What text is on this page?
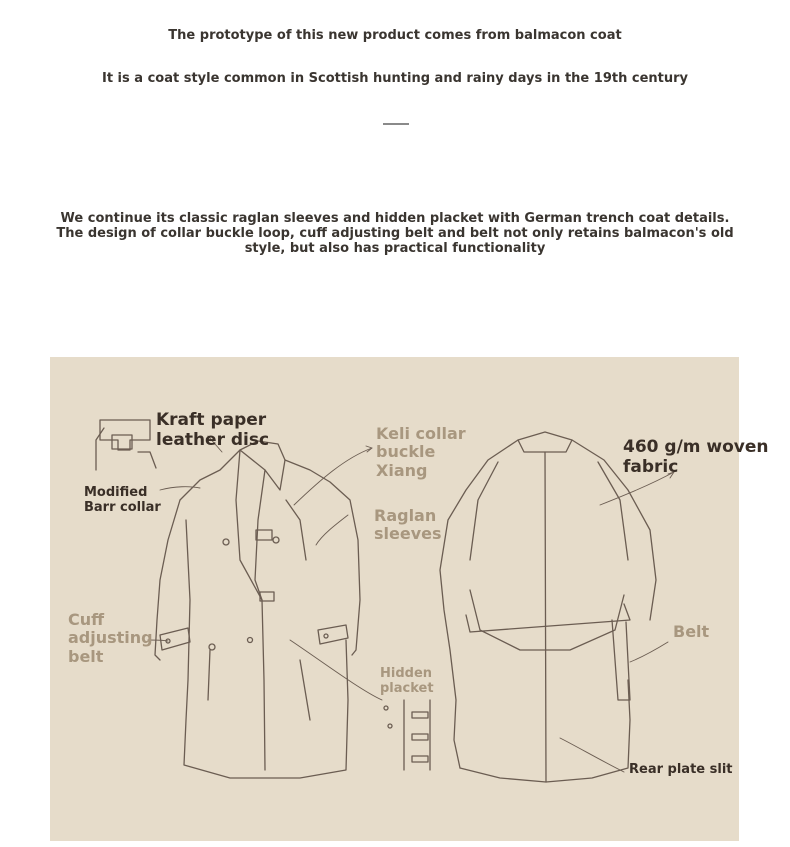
The prototype of this new product comes from balmacon coat
It is a coat style common in Scottish hunting and rainy days in the 19th century
We continue its classic raglan sleeves and hidden placket with German trench coat details. The design of collar buckle loop, cuff adjusting belt and belt not only retains balmacon's old style, but also has practical functionality
Kraft paper
leather disc
Modified
Barr collar
Keli collar
buckle
Xiang
Raglan
sleeves
Cuff
adjusting
belt
Hidden
placket
460 g/m woven
fabric
Belt
Rear plate slit
